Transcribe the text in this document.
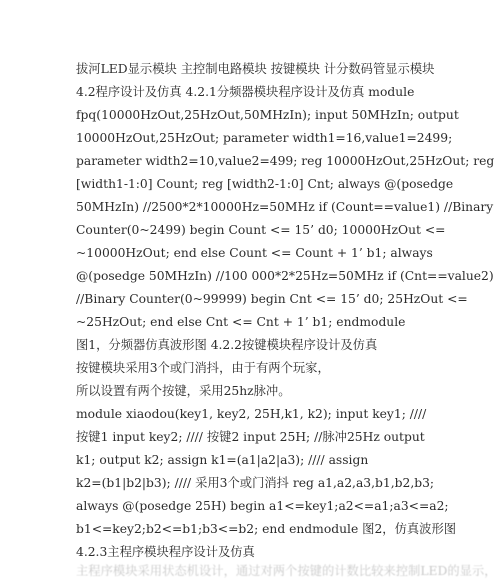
拔河LED显示模块 主控制电路模块 按键模块 计分数码管显示模块
4.2程序设计及仿真 4.2.1分频器模块程序设计及仿真 module
fpq(10000HzOut,25HzOut,50MHzIn); input 50MHzIn; output
10000HzOut,25HzOut; parameter width1=16,value1=2499;
parameter width2=10,value2=499; reg 10000HzOut,25HzOut; reg
[width1-1:0] Count; reg [width2-1:0] Cnt; always @(posedge
50MHzIn) //2500*2*10000Hz=50MHz if (Count==value1) //Binary
Counter(0~2499) begin Count <= 15’ d0; 10000HzOut <=
~10000HzOut; end else Count <= Count + 1’ b1; always
@(posedge 50MHzIn) //100 000*2*25Hz=50MHz if (Cnt==value2)
//Binary Counter(0~99999) begin Cnt <= 15’ d0; 25HzOut <=
~25HzOut; end else Cnt <= Cnt + 1’ b1; endmodule
图1，分频器仿真波形图 4.2.2按键模块程序设计及仿真
按键模块采用3个或门消抖，由于有两个玩家，
所以设置有两个按键，采用25hz脉冲。
module xiaodou(key1, key2, 25H,k1, k2); input key1; ////
按键1 input key2; //// 按键2 input 25H; //脉冲25Hz output
k1; output k2; assign k1=(a1|a2|a3); //// assign
k2=(b1|b2|b3); //// 采用3个或门消抖 reg a1,a2,a3,b1,b2,b3;
always @(posedge 25H) begin a1<=key1;a2<=a1;a3<=a2;
b1<=key2;b2<=b1;b3<=b2; end endmodule 图2，仿真波形图
4.2.3主程序模块程序设计及仿真
主程序模块采用状态机设计，通过对两个按键的计数比较来控制LED的显示，
